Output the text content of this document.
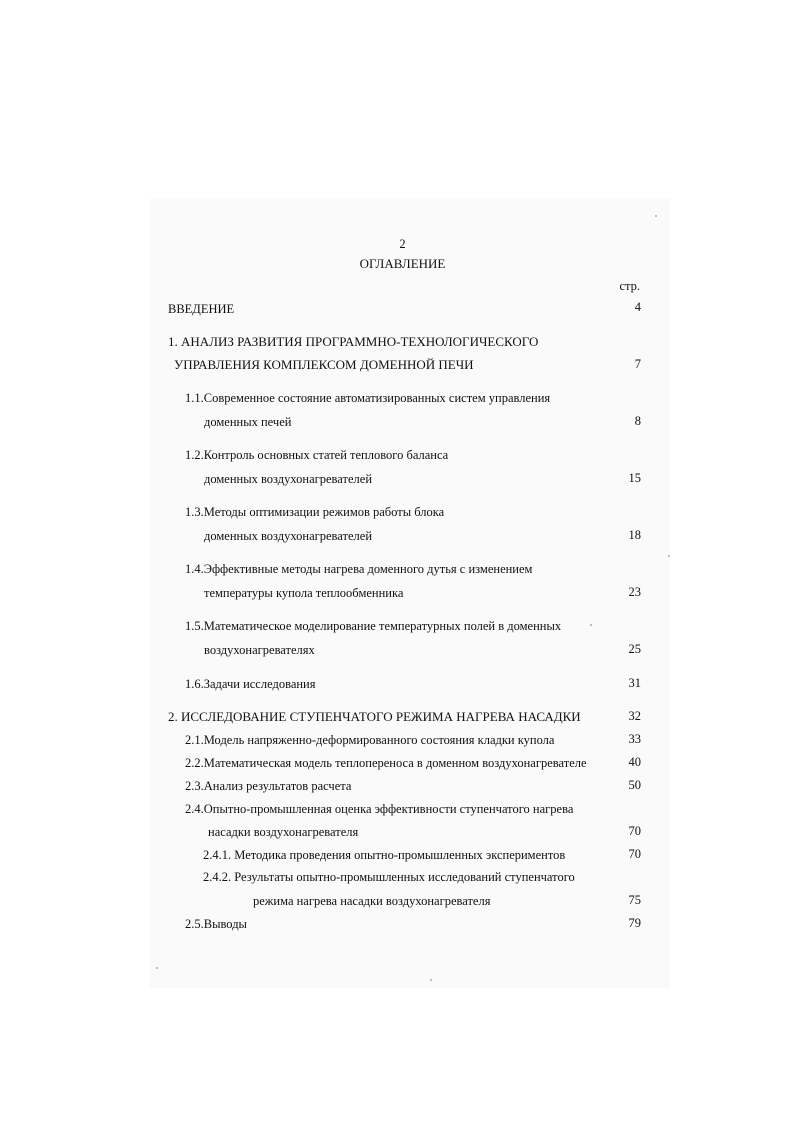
2
ОГЛАВЛЕНИЕ
стр.
ВВЕДЕНИЕ	4
1. АНАЛИЗ РАЗВИТИЯ ПРОГРАММНО-ТЕХНОЛОГИЧЕСКОГО
УПРАВЛЕНИЯ КОМПЛЕКСОМ ДОМЕННОЙ ПЕЧИ	7
1.1.Современное состояние автоматизированных систем управления
доменных печей	8
1.2.Контроль основных статей теплового баланса
доменных воздухонагревателей	15
1.3.Методы оптимизации режимов работы блока
доменных воздухонагревателей	18
1.4.Эффективные методы нагрева доменного дутья с изменением
температуры купола теплообменника	23
1.5.Математическое моделирование температурных полей в доменных
воздухонагревателях	25
1.6.Задачи исследования	31
2. ИССЛЕДОВАНИЕ СТУПЕНЧАТОГО РЕЖИМА НАГРЕВА НАСАДКИ	32
2.1.Модель напряженно-деформированного состояния кладки купола	33
2.2.Математическая модель теплопереноса в доменном воздухонагревателе	40
2.3.Анализ результатов расчета	50
2.4.Опытно-промышленная оценка эффективности ступенчатого нагрева
насадки воздухонагревателя	70
2.4.1. Методика проведения опытно-промышленных экспериментов	70
2.4.2. Результаты опытно-промышленных исследований ступенчатого
режима нагрева насадки воздухонагревателя	75
2.5.Выводы	79
